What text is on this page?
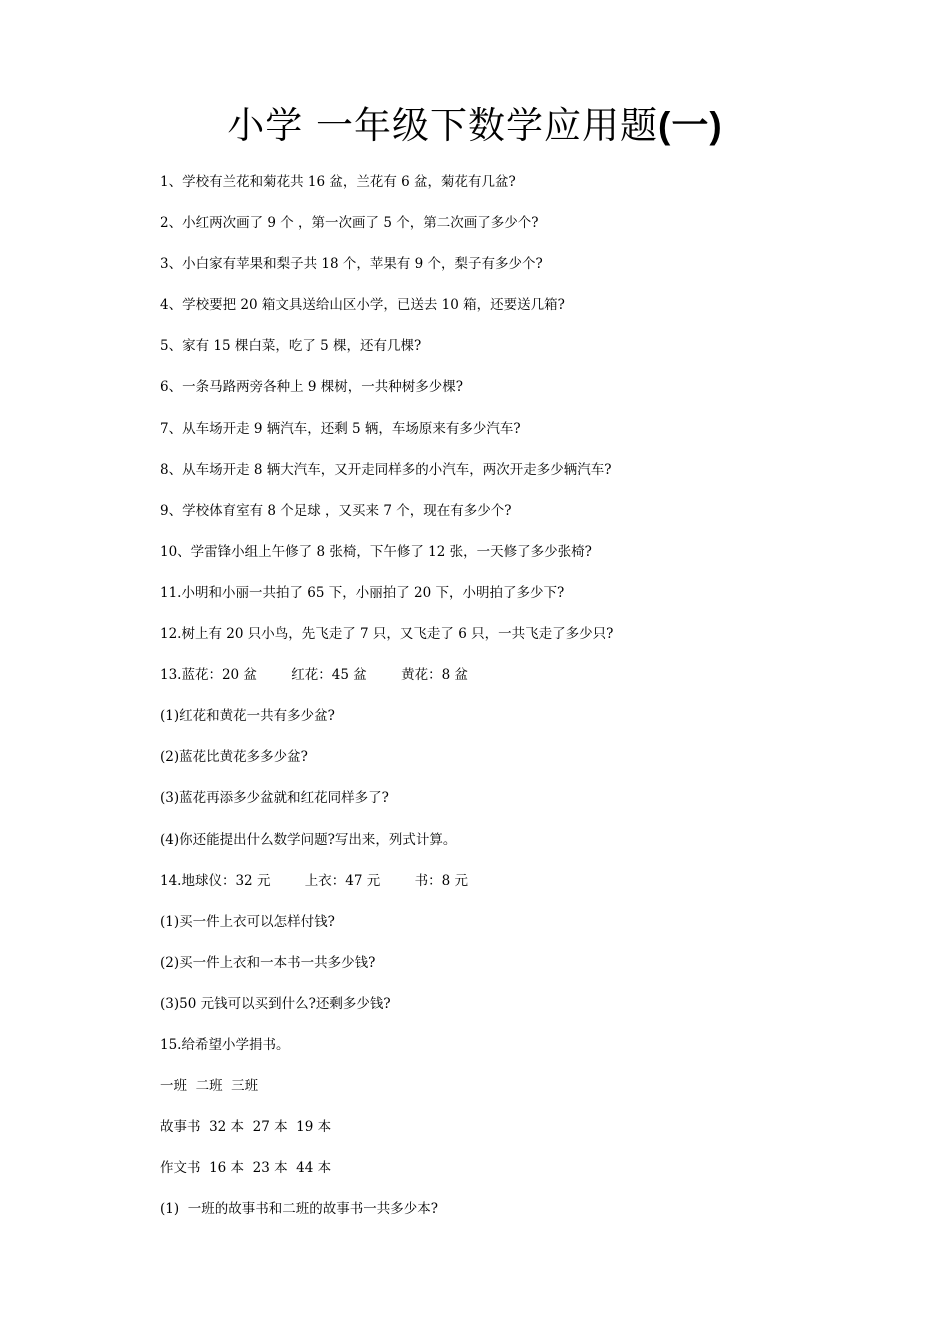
小学 一年级下数学应用题(一)
1、学校有兰花和菊花共 16 盆，兰花有 6 盆，菊花有几盆?
2、小红两次画了 9 个 ，第一次画了 5 个，第二次画了多少个?
3、小白家有苹果和梨子共 18 个，苹果有 9 个，梨子有多少个?
4、学校要把 20 箱文具送给山区小学，已送去 10 箱，还要送几箱?
5、家有 15 棵白菜，吃了 5 棵，还有几棵?
6、一条马路两旁各种上 9 棵树，一共种树多少棵?
7、从车场开走 9 辆汽车，还剩 5 辆，车场原来有多少汽车?
8、从车场开走 8 辆大汽车，又开走同样多的小汽车，两次开走多少辆汽车?
9、学校体育室有 8 个足球 ，又买来 7 个，现在有多少个?
10、学雷锋小组上午修了 8 张椅，下午修了 12 张，一天修了多少张椅?
11.小明和小丽一共拍了 65 下，小丽拍了 20 下，小明拍了多少下?
12.树上有 20 只小鸟，先飞走了 7 只，又飞走了 6 只，一共飞走了多少只?
13.蓝花：20 盆        红花：45 盆        黄花：8 盆
(1)红花和黄花一共有多少盆?
(2)蓝花比黄花多多少盆?
(3)蓝花再添多少盆就和红花同样多了?
(4)你还能提出什么数学问题?写出来，列式计算。
14.地球仪：32 元        上衣：47 元        书：8 元
(1)买一件上衣可以怎样付钱?
(2)买一件上衣和一本书一共多少钱?
(3)50 元钱可以买到什么?还剩多少钱?
15.给希望小学捐书。
一班  二班  三班
故事书  32 本  27 本  19 本
作文书  16 本  23 本  44 本
(1)  一班的故事书和二班的故事书一共多少本?
